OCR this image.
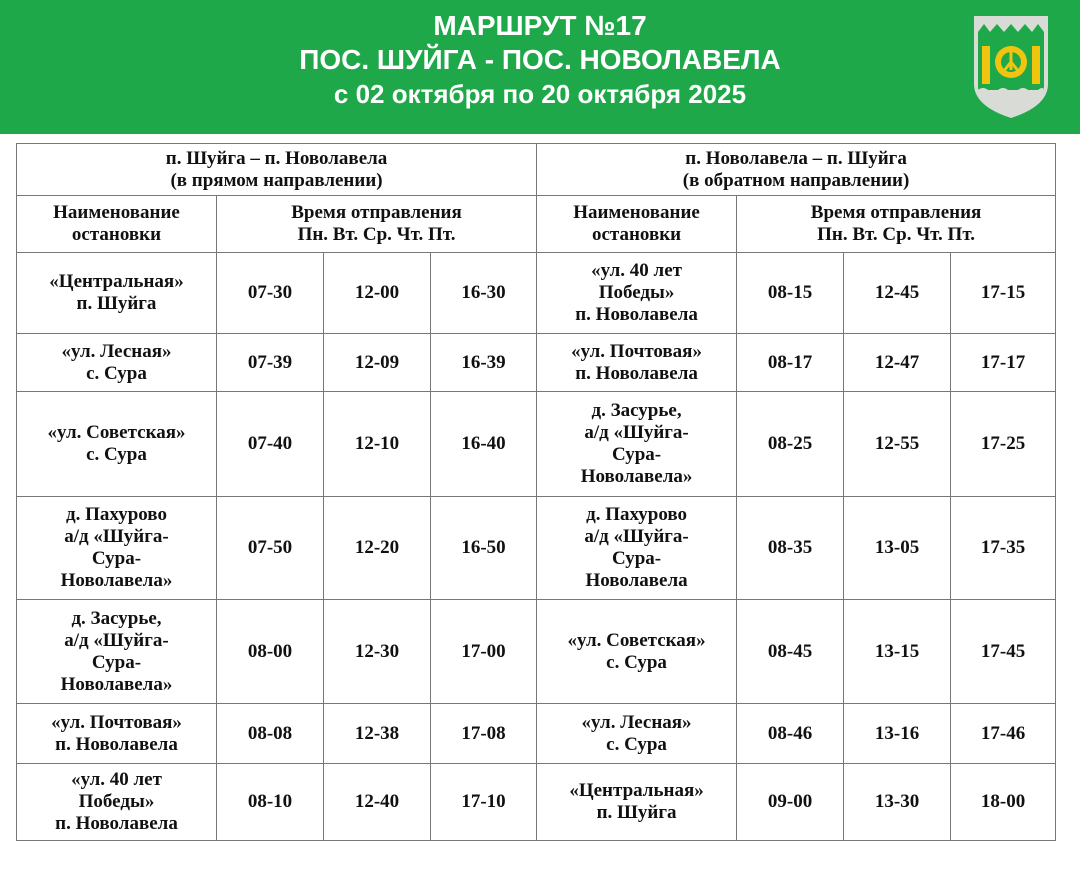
МАРШРУТ №17
ПОС. ШУЙГА - ПОС. НОВОЛАВЕЛА
с 02 октября по 20 октября 2025
п. Шуйга – п. Новолавела
(в прямом направлении)				п. Новолавела – п. Шуйга
(в обратном направлении)			
Наименование
остановки	Время отправления
Пн. Вт. Ср. Чт. Пт.			Наименование
остановки	Время отправления
Пн. Вт. Ср. Чт. Пт.		
«Центральная»
п. Шуйга	07-30	12-00	16-30	«ул. 40 лет
Победы»
п. Новолавела	08-15	12-45	17-15
«ул. Лесная»
с. Сура	07-39	12-09	16-39	«ул. Почтовая»
п. Новолавела	08-17	12-47	17-17
«ул. Советская»
с. Сура	07-40	12-10	16-40	д. Засурье,
а/д «Шуйга-
Сура-
Новолавела»	08-25	12-55	17-25
д. Пахурово
а/д «Шуйга-
Сура-
Новолавела»	07-50	12-20	16-50	д. Пахурово
а/д «Шуйга-
Сура-
Новолавела	08-35	13-05	17-35
д. Засурье,
а/д «Шуйга-
Сура-
Новолавела»	08-00	12-30	17-00	«ул. Советская»
с. Сура	08-45	13-15	17-45
«ул. Почтовая»
п. Новолавела	08-08	12-38	17-08	«ул. Лесная»
с. Сура	08-46	13-16	17-46
«ул. 40 лет
Победы»
п. Новолавела	08-10	12-40	17-10	«Центральная»
п. Шуйга	09-00	13-30	18-00
